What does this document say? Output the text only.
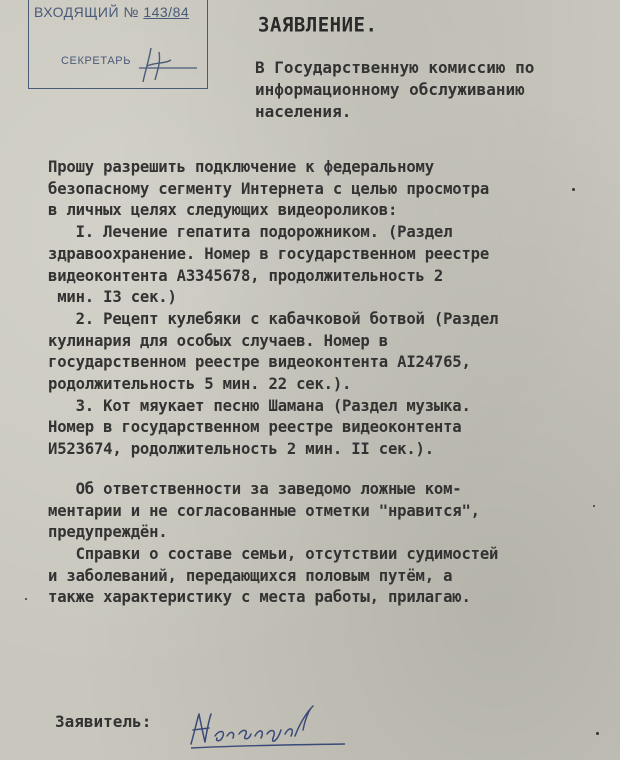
СЕКРЕТАРЬ
ВХОДЯЩИЙ № 143/84
ЗАЯВЛЕНИЕ.
В Государственную комиссию по
информационному обслуживанию
населения.

Прошу разрешить подключение к федеральному

безопасному сегменту Интернета с целью просмотра

в личных целях следующих видеороликов:

I. Лечение гепатита подорожником. (Раздел

здравоохранение. Номер в государственном реестре

видеоконтента А3345678, продолжительность 2

мин. I3 сек.)

2. Рецепт кулебяки с кабачковой ботвой (Раздел

кулинария для особых случаев. Номер в

государственном реестре видеоконтента АI24765,

родолжительность 5 мин. 22 сек.).

3. Кот мяукает песню Шамана (Раздел музыка.

Номер в государственном реестре видеоконтента

И523674, родолжительность 2 мин. II сек.).

Об ответственности за заведомо ложные ком-

ментарии и не согласованные отметки "нравится",

предупреждён.

Справки о составе семьи, отсутствии судимостей

и заболеваний, передающихся половым путём, а

также характеристику с места работы, прилагаю.

Заявитель:
